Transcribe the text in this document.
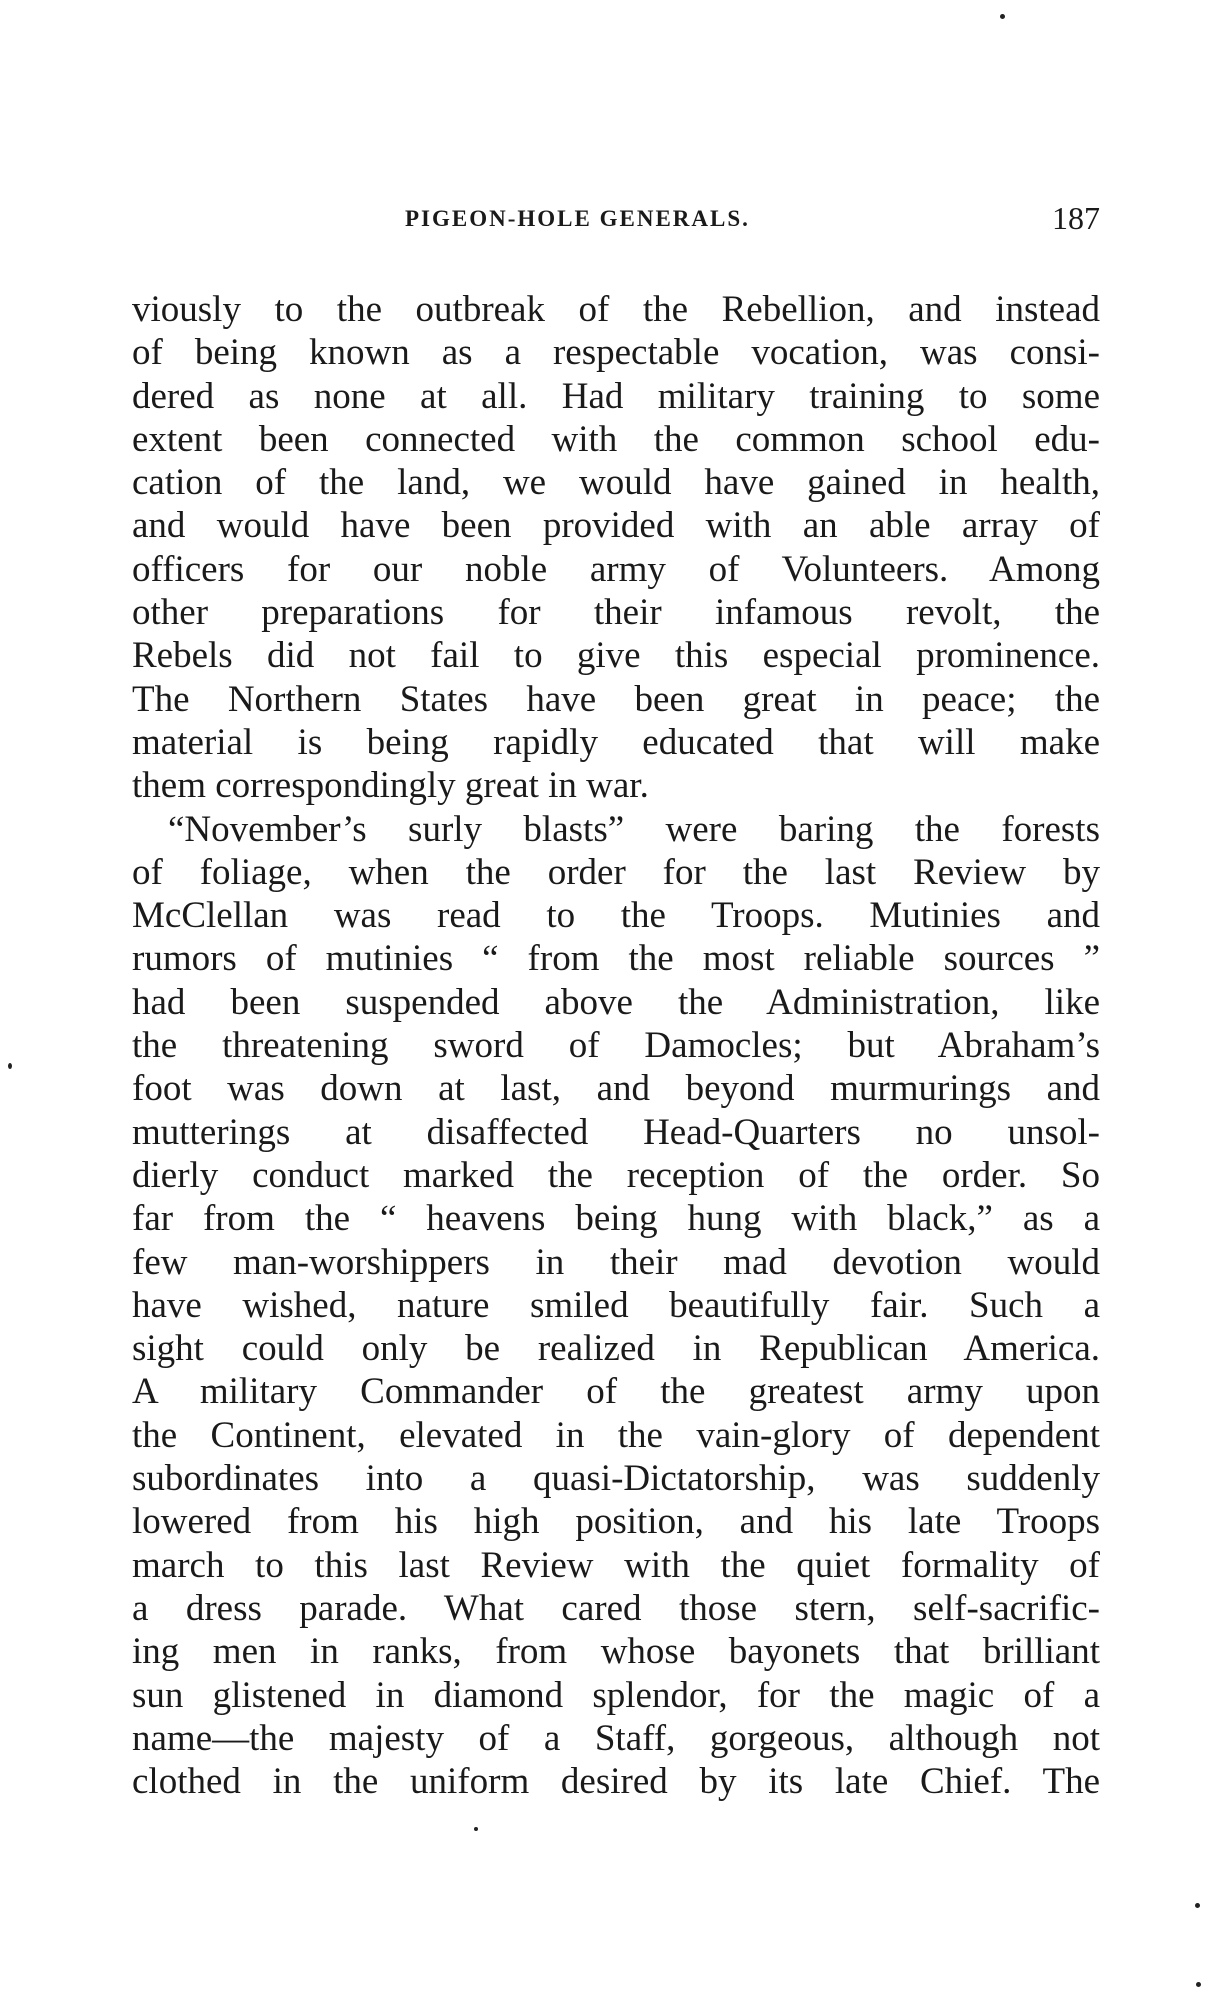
PIGEON-HOLE GENERALS.	187
viously to the outbreak of the Rebellion, and instead
of being known as a respectable vocation, was consi-
dered as none at all. Had military training to some
extent been connected with the common school edu-
cation of the land, we would have gained in health,
and would have been provided with an able array of
officers for our noble army of Volunteers. Among
other preparations for their infamous revolt, the
Rebels did not fail to give this especial prominence.
The Northern States have been great in peace; the
material is being rapidly educated that will make
them correspondingly great in war.
“November’s surly blasts” were baring the forests
of foliage, when the order for the last Review by
McClellan was read to the Troops. Mutinies and
rumors of mutinies “ from the most reliable sources ”
had been suspended above the Administration, like
the threatening sword of Damocles; but Abraham’s
foot was down at last, and beyond murmurings and
mutterings at disaffected Head-Quarters no unsol-
dierly conduct marked the reception of the order. So
far from the “ heavens being hung with black,” as a
few man-worshippers in their mad devotion would
have wished, nature smiled beautifully fair. Such a
sight could only be realized in Republican America.
A military Commander of the greatest army upon
the Continent, elevated in the vain-glory of dependent
subordinates into a quasi-Dictatorship, was suddenly
lowered from his high position, and his late Troops
march to this last Review with the quiet formality of
a dress parade. What cared those stern, self-sacrific-
ing men in ranks, from whose bayonets that brilliant
sun glistened in diamond splendor, for the magic of a
name—the majesty of a Staff, gorgeous, although not
clothed in the uniform desired by its late Chief. The
